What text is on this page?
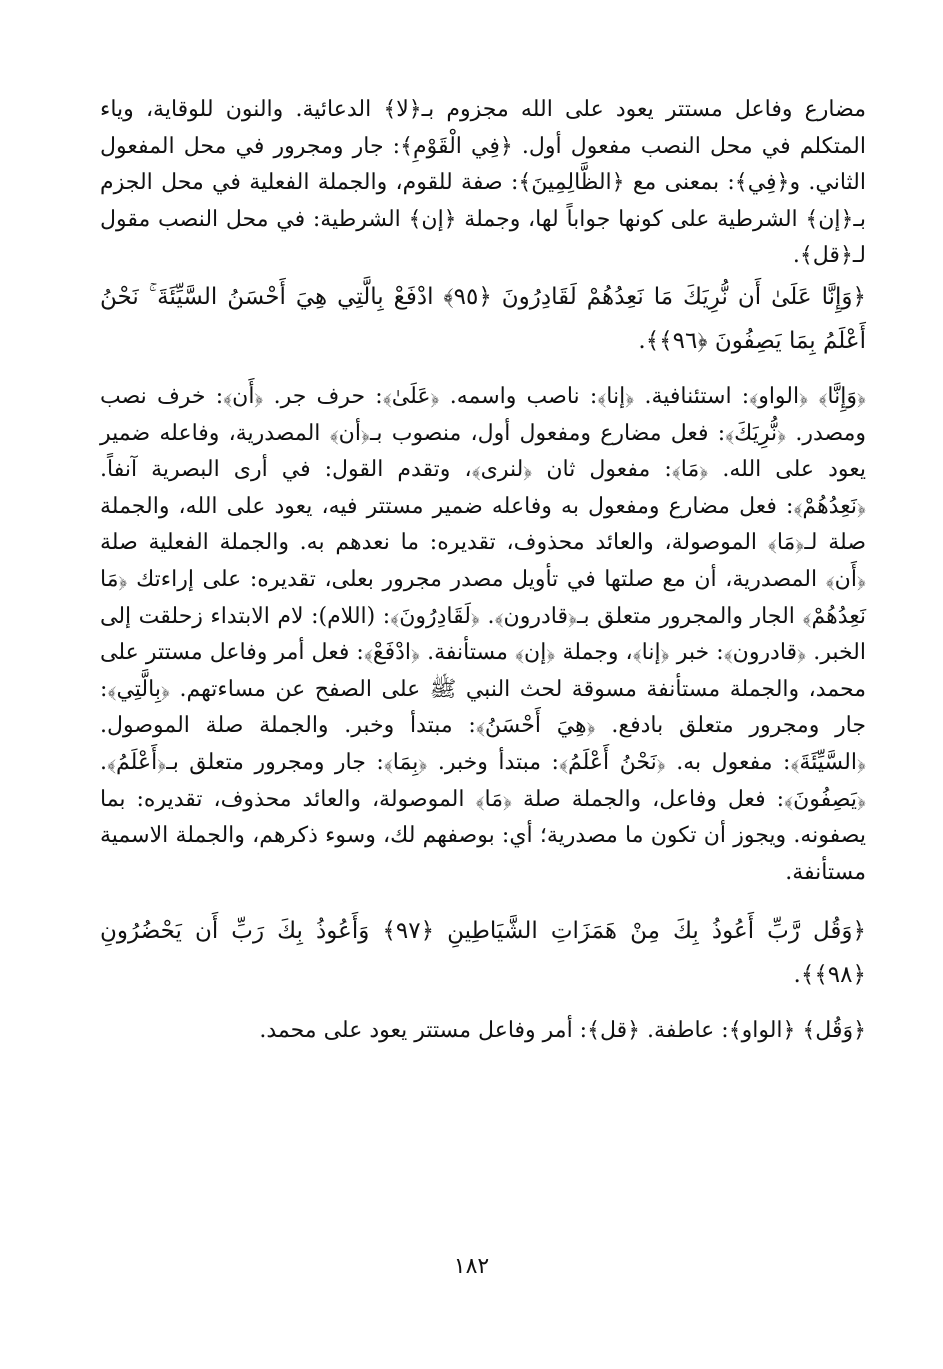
مضارع وفاعل مستتر يعود على الله مجزوم بـ﴿لا﴾ الدعائية. والنون للوقاية، وياء المتكلم في محل النصب مفعول أول. ﴿فِي الْقَوْمِ﴾: جار ومجرور في محل المفعول الثاني. و﴿فِي﴾: بمعنى مع ﴿الظَّالِمِينَ﴾: صفة للقوم، والجملة الفعلية في محل الجزم بـ﴿إن﴾ الشرطية على كونها جواباً لها، وجملة ﴿إن﴾ الشرطية: في محل النصب مقول لـ﴿قل﴾.

﴿وَإِنَّا عَلَىٰ أَن نُّرِيَكَ مَا نَعِدُهُمْ لَقَادِرُونَ ﴿٩٥﴾ ادْفَعْ بِالَّتِي هِيَ أَحْسَنُ السَّيِّئَةَ ۚ نَحْنُ أَعْلَمُ بِمَا يَصِفُونَ ﴿٩٦﴾﴾.

﴿وَإِنَّا﴾ ﴿الواو﴾: استئنافية. ﴿إنا﴾: ناصب واسمه. ﴿عَلَىٰ﴾: حرف جر. ﴿أَن﴾: خرف نصب ومصدر. ﴿نُّرِيَكَ﴾: فعل مضارع ومفعول أول، منصوب بـ﴿أن﴾ المصدرية، وفاعله ضمير يعود على الله. ﴿مَا﴾: مفعول ثان ﴿لنرى﴾، وتقدم القول: في أرى البصرية آنفاً. ﴿نَعِدُهُمْ﴾: فعل مضارع ومفعول به وفاعله ضمير مستتر فيه، يعود على الله، والجملة صلة لـ﴿مَا﴾ الموصولة، والعائد محذوف، تقديره: ما نعدهم به. والجملة الفعلية صلة ﴿أَن﴾ المصدرية، أن مع صلتها في تأويل مصدر مجرور بعلى، تقديره: على إراءتك ﴿مَا نَعِدُهُمْ﴾ الجار والمجرور متعلق بـ﴿قادرون﴾. ﴿لَقَادِرُونَ﴾: (اللام): لام الابتداء زحلقت إلى الخبر. ﴿قادرون﴾: خبر ﴿إنا﴾، وجملة ﴿إن﴾ مستأنفة. ﴿ادْفَعْ﴾: فعل أمر وفاعل مستتر على محمد، والجملة مستأنفة مسوقة لحث النبي ﷺ على الصفح عن مساءتهم. ﴿بِالَّتِي﴾: جار ومجرور متعلق بادفع. ﴿هِيَ أَحْسَنُ﴾: مبتدأ وخبر. والجملة صلة الموصول. ﴿السَّيِّئَةَ﴾: مفعول به. ﴿نَحْنُ أَعْلَمُ﴾: مبتدأ وخبر. ﴿بِمَا﴾: جار ومجرور متعلق بـ﴿أَعْلَمُ﴾. ﴿يَصِفُونَ﴾: فعل وفاعل، والجملة صلة ﴿مَا﴾ الموصولة، والعائد محذوف، تقديره: بما يصفونه. ويجوز أن تكون ما مصدرية؛ أي: بوصفهم لك، وسوء ذكرهم، والجملة الاسمية مستأنفة.

﴿وَقُل رَّبِّ أَعُوذُ بِكَ مِنْ هَمَزَاتِ الشَّيَاطِينِ ﴿٩٧﴾ وَأَعُوذُ بِكَ رَبِّ أَن يَحْضُرُونِ ﴿٩٨﴾﴾.

﴿وَقُل﴾ ﴿الواو﴾: عاطفة. ﴿قل﴾: أمر وفاعل مستتر يعود على محمد.

١٨٢
